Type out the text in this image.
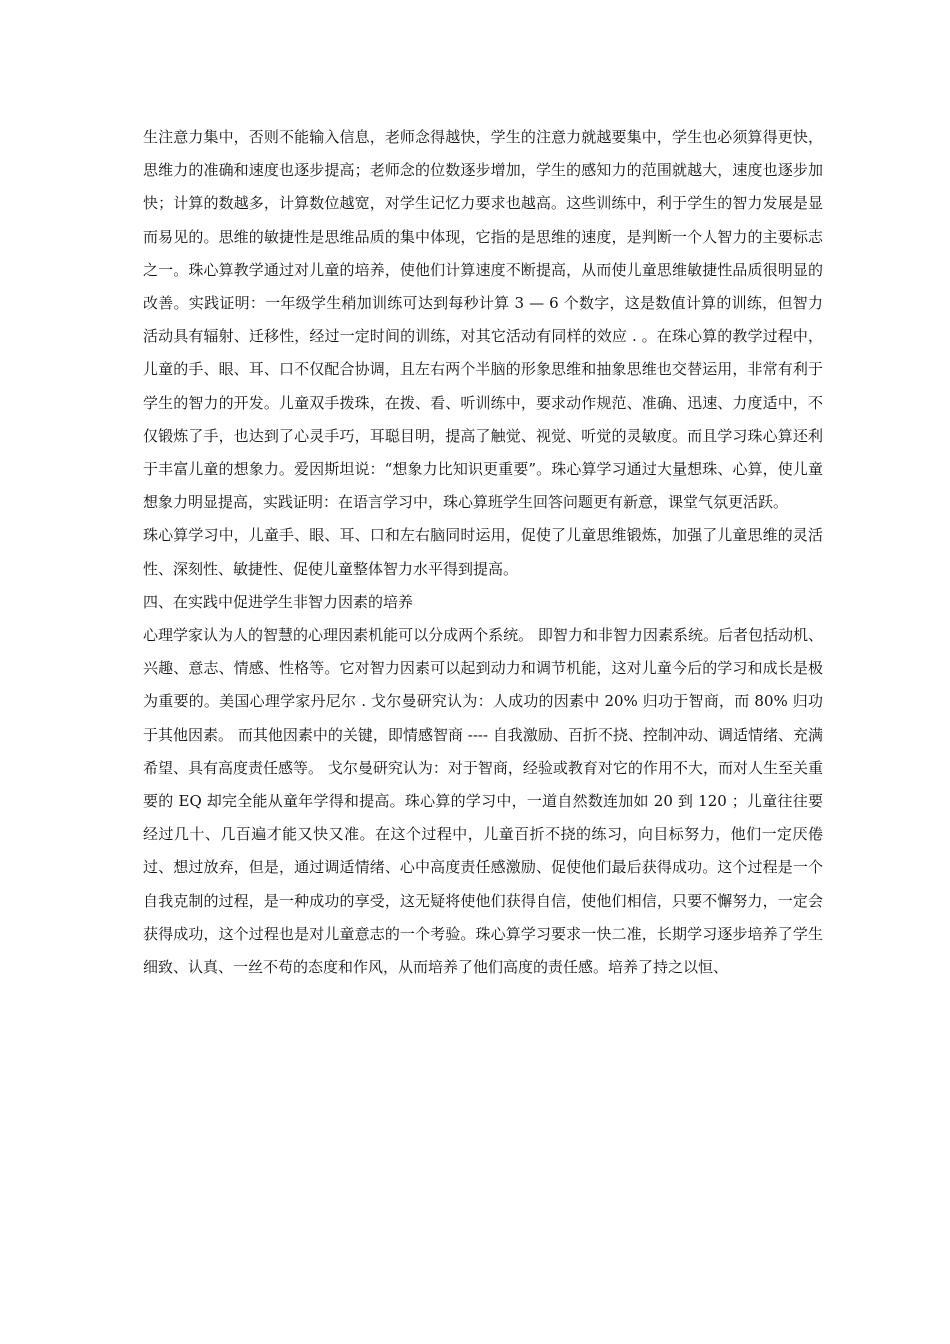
生注意力集中，否则不能输入信息，老师念得越快，学生的注意力就越要集中，学生也必须算得更快，思维力的准确和速度也逐步提高；老师念的位数逐步增加，学生的感知力的范围就越大，速度也逐步加快；计算的数越多，计算数位越宽，对学生记忆力要求也越高。这些训练中，利于学生的智力发展是显而易见的。思维的敏捷性是思维品质的集中体现，它指的是思维的速度，是判断一个人智力的主要标志之一。珠心算教学通过对儿童的培养，使他们计算速度不断提高，从而使儿童思维敏捷性品质很明显的改善。实践证明：一年级学生稍加训练可达到每秒计算 3 — 6 个数字，这是数值计算的训练，但智力活动具有辐射、迁移性，经过一定时间的训练，对其它活动有同样的效应 . 。在珠心算的教学过程中，儿童的手、眼、耳、口不仅配合协调，且左右两个半脑的形象思维和抽象思维也交替运用，非常有利于学生的智力的开发。儿童双手拨珠，在拨、看、听训练中，要求动作规范、准确、迅速、力度适中，不仅锻炼了手，也达到了心灵手巧，耳聪目明，提高了触觉、视觉、听觉的灵敏度。而且学习珠心算还利于丰富儿童的想象力。爱因斯坦说：“想象力比知识更重要”。珠心算学习通过大量想珠、心算，使儿童想象力明显提高，实践证明：在语言学习中，珠心算班学生回答问题更有新意，课堂气氛更活跃。

珠心算学习中，儿童手、眼、耳、口和左右脑同时运用，促使了儿童思维锻炼，加强了儿童思维的灵活性、深刻性、敏捷性、促使儿童整体智力水平得到提高。

四、在实践中促进学生非智力因素的培养

心理学家认为人的智慧的心理因素机能可以分成两个系统。 即智力和非智力因素系统。后者包括动机、兴趣、意志、情感、性格等。它对智力因素可以起到动力和调节机能，这对儿童今后的学习和成长是极为重要的。美国心理学家丹尼尔 . 戈尔曼研究认为：人成功的因素中 20% 归功于智商，而 80% 归功于其他因素。 而其他因素中的关键，即情感智商 ---- 自我激励、百折不挠、控制冲动、调适情绪、充满希望、具有高度责任感等。 戈尔曼研究认为：对于智商，经验或教育对它的作用不大，而对人生至关重要的 EQ 却完全能从童年学得和提高。珠心算的学习中，一道自然数连加如 20 到 120 ；儿童往往要经过几十、几百遍才能又快又准。在这个过程中，儿童百折不挠的练习，向目标努力，他们一定厌倦过、想过放弃，但是，通过调适情绪、心中高度责任感激励、促使他们最后获得成功。这个过程是一个自我克制的过程，是一种成功的享受，这无疑将使他们获得自信，使他们相信，只要不懈努力，一定会获得成功，这个过程也是对儿童意志的一个考验。珠心算学习要求一快二准，长期学习逐步培养了学生细致、认真、一丝不苟的态度和作风，从而培养了他们高度的责任感。培养了持之以恒、
